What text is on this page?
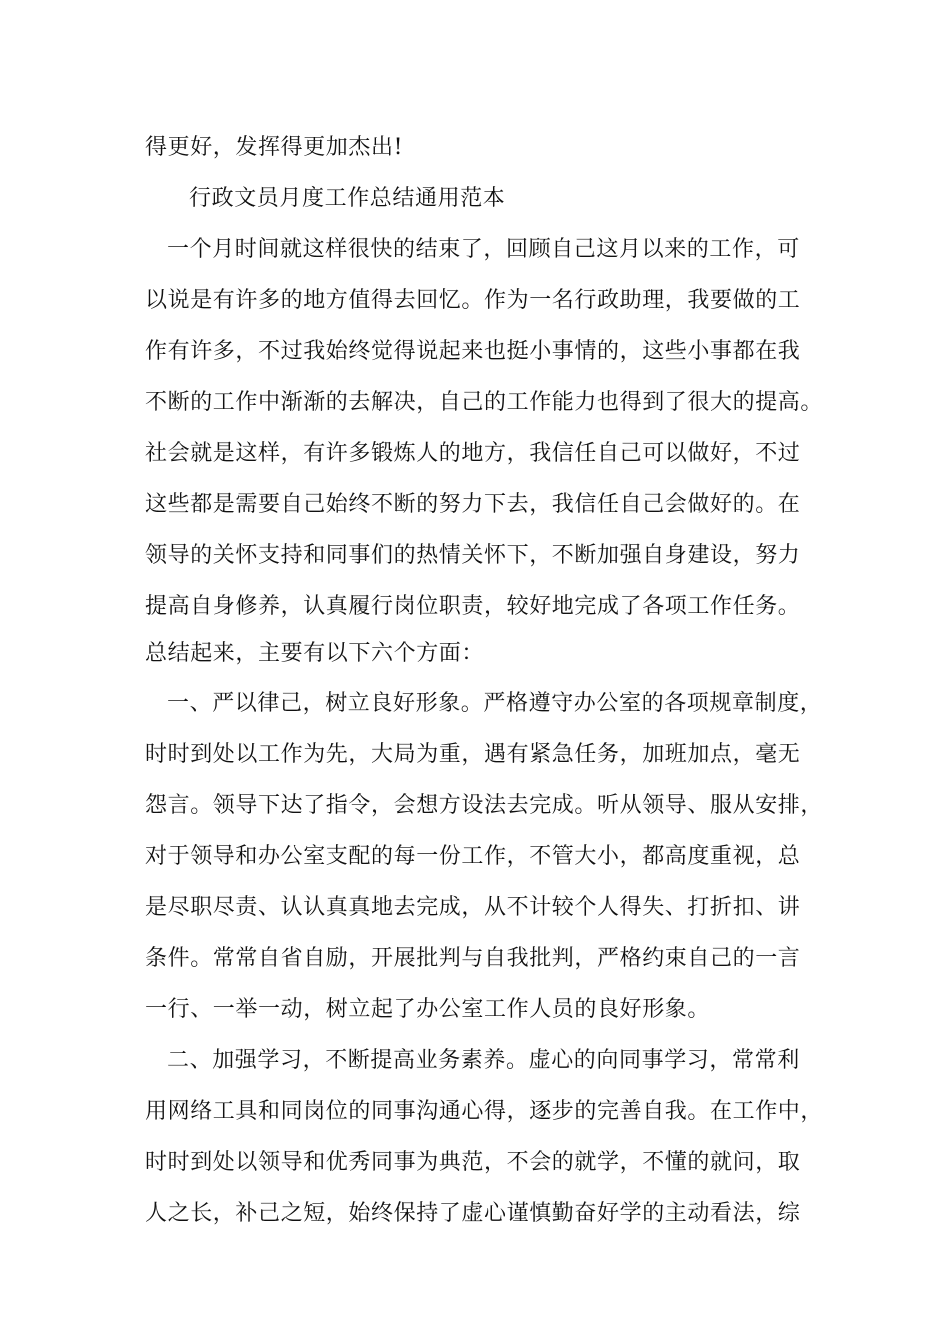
得更好，发挥得更加杰出!
行政文员月度工作总结通用范本
一个月时间就这样很快的结束了，回顾自己这月以来的工作，可
以说是有许多的地方值得去回忆。作为一名行政助理，我要做的工
作有许多，不过我始终觉得说起来也挺小事情的，这些小事都在我
不断的工作中渐渐的去解决，自己的工作能力也得到了很大的提高。
社会就是这样，有许多锻炼人的地方，我信任自己可以做好，不过
这些都是需要自己始终不断的努力下去，我信任自己会做好的。在
领导的关怀支持和同事们的热情关怀下，不断加强自身建设，努力
提高自身修养，认真履行岗位职责，较好地完成了各项工作任务。
总结起来，主要有以下六个方面：
一、严以律己，树立良好形象。严格遵守办公室的各项规章制度，
时时到处以工作为先，大局为重，遇有紧急任务，加班加点，毫无
怨言。领导下达了指令，会想方设法去完成。听从领导、服从安排，
对于领导和办公室支配的每一份工作，不管大小，都高度重视，总
是尽职尽责、认认真真地去完成，从不计较个人得失、打折扣、讲
条件。常常自省自励，开展批判与自我批判，严格约束自己的一言
一行、一举一动，树立起了办公室工作人员的良好形象。
二、加强学习，不断提高业务素养。虚心的向同事学习，常常利
用网络工具和同岗位的同事沟通心得，逐步的完善自我。在工作中，
时时到处以领导和优秀同事为典范，不会的就学，不懂的就问，取
人之长，补己之短，始终保持了虚心谨慎勤奋好学的主动看法，综
